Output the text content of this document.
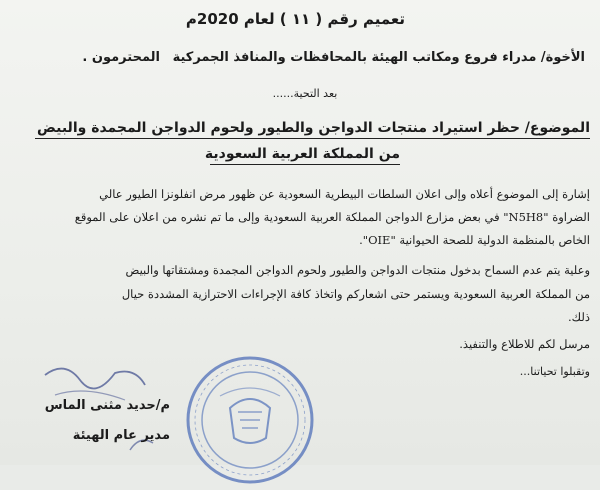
تعميم رقم ( ١١ ) لعام 2020م
الأخوة/ مدراء فروع ومكاتب الهيئة بالمحافظات والمنافذ الجمركية
المحترمون .
بعد التحية......
الموضوع/ حظر استيراد منتجات الدواجن والطيور ولحوم الدواجن المجمدة والبيض
من المملكة العربية السعودية
إشارة إلى الموضوع أعلاه وإلى اعلان السلطات البيطرية السعودية عن ظهور مرض انفلونزا الطيور عالي
الضراوة "N5H8" في بعض مزارع الدواجن المملكة العربية السعودية وإلى ما تم نشره من اعلان على الموقع
الخاص بالمنظمة الدولية للصحة الحيوانية "OIE".
وعلية يتم عدم السماح بدخول منتجات الدواجن والطيور ولحوم الدواجن المجمدة ومشتقاتها والبيض
من المملكة العربية السعودية ويستمر حتى اشعاركم واتخاذ كافة الإجراءات الاحترازية المشددة حيال
ذلك.
مرسل لكم للاطلاع والتنفيذ.
وتقبلوا تحياتنا...
م/حديد مثنى الماس
مدير عام الهيئة
